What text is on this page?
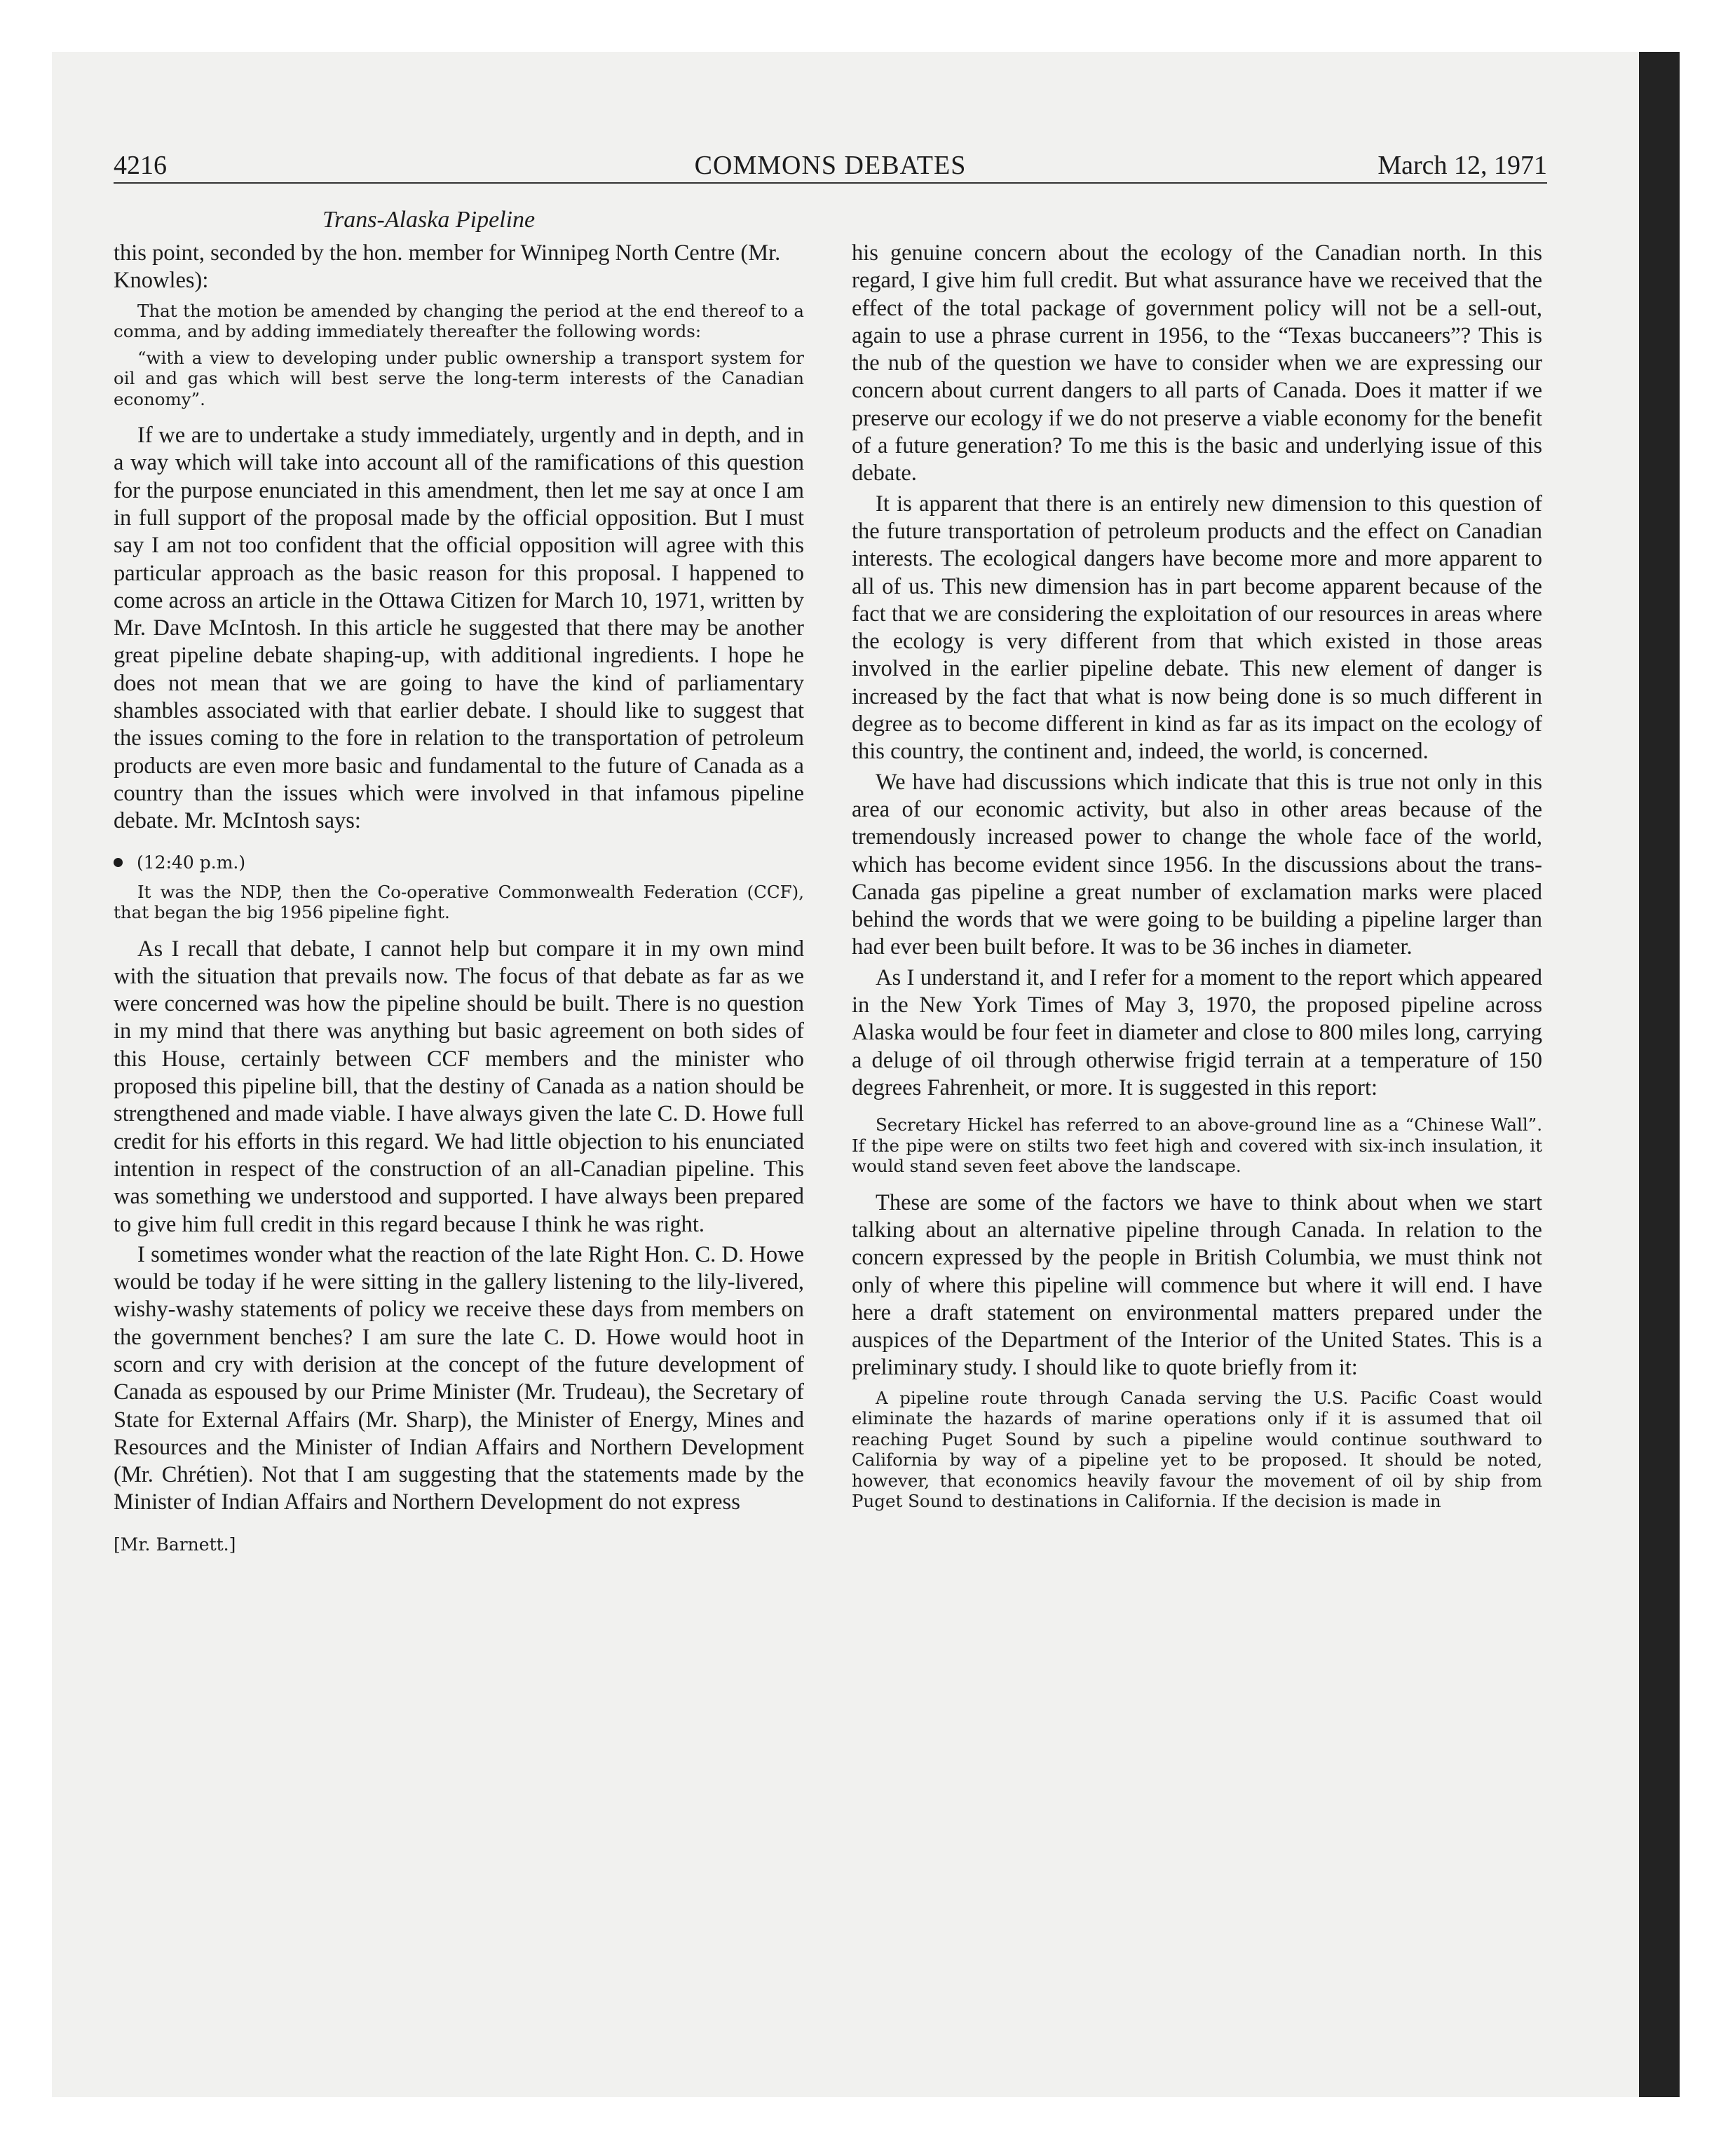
4216	COMMONS DEBATES	March 12, 1971
Trans-Alaska Pipeline

this point, seconded by the hon. member for Winnipeg North Centre (Mr. Knowles):

That the motion be amended by changing the period at the end thereof to a comma, and by adding immediately thereafter the following words:

“with a view to developing under public ownership a transport system for oil and gas which will best serve the long-term interests of the Canadian economy”.

If we are to undertake a study immediately, urgently and in depth, and in a way which will take into account all of the ramifications of this question for the purpose enunciated in this amendment, then let me say at once I am in full support of the proposal made by the official opposition. But I must say I am not too confident that the official opposition will agree with this particular approach as the basic reason for this proposal. I happened to come across an article in the Ottawa Citizen for March 10, 1971, written by Mr. Dave McIntosh. In this article he suggested that there may be another great pipeline debate shaping-up, with additional ingredients. I hope he does not mean that we are going to have the kind of parliamentary shambles associated with that earlier debate. I should like to suggest that the issues coming to the fore in relation to the transportation of petroleum products are even more basic and fundamental to the future of Canada as a country than the issues which were involved in that infamous pipeline debate. Mr. McIntosh says:

(12:40 p.m.)

It was the NDP, then the Co-operative Commonwealth Federation (CCF), that began the big 1956 pipeline fight.

As I recall that debate, I cannot help but compare it in my own mind with the situation that prevails now. The focus of that debate as far as we were concerned was how the pipeline should be built. There is no question in my mind that there was anything but basic agreement on both sides of this House, certainly between CCF members and the minister who proposed this pipeline bill, that the destiny of Canada as a nation should be strengthened and made viable. I have always given the late C. D. Howe full credit for his efforts in this regard. We had little objection to his enunciated intention in respect of the construction of an all-Canadian pipeline. This was something we understood and supported. I have always been prepared to give him full credit in this regard because I think he was right.

I sometimes wonder what the reaction of the late Right Hon. C. D. Howe would be today if he were sitting in the gallery listening to the lily-livered, wishy-washy statements of policy we receive these days from members on the government benches? I am sure the late C. D. Howe would hoot in scorn and cry with derision at the concept of the future development of Canada as espoused by our Prime Minister (Mr. Trudeau), the Secretary of State for External Affairs (Mr. Sharp), the Minister of Energy, Mines and Resources and the Minister of Indian Affairs and Northern Development (Mr. Chrétien). Not that I am suggesting that the statements made by the Minister of Indian Affairs and Northern Development do not express

[Mr. Barnett.]

his genuine concern about the ecology of the Canadian north. In this regard, I give him full credit. But what assurance have we received that the effect of the total package of government policy will not be a sell-out, again to use a phrase current in 1956, to the “Texas buccaneers”? This is the nub of the question we have to consider when we are expressing our concern about current dangers to all parts of Canada. Does it matter if we preserve our ecology if we do not preserve a viable economy for the benefit of a future generation? To me this is the basic and underlying issue of this debate.

It is apparent that there is an entirely new dimension to this question of the future transportation of petroleum products and the effect on Canadian interests. The ecological dangers have become more and more apparent to all of us. This new dimension has in part become apparent because of the fact that we are considering the exploitation of our resources in areas where the ecology is very different from that which existed in those areas involved in the earlier pipeline debate. This new element of danger is increased by the fact that what is now being done is so much different in degree as to become different in kind as far as its impact on the ecology of this country, the continent and, indeed, the world, is concerned.

We have had discussions which indicate that this is true not only in this area of our economic activity, but also in other areas because of the tremendously increased power to change the whole face of the world, which has become evident since 1956. In the discussions about the trans-Canada gas pipeline a great number of exclamation marks were placed behind the words that we were going to be building a pipeline larger than had ever been built before. It was to be 36 inches in diameter.

As I understand it, and I refer for a moment to the report which appeared in the New York Times of May 3, 1970, the proposed pipeline across Alaska would be four feet in diameter and close to 800 miles long, carrying a deluge of oil through otherwise frigid terrain at a temperature of 150 degrees Fahrenheit, or more. It is suggested in this report:

Secretary Hickel has referred to an above-ground line as a “Chinese Wall”. If the pipe were on stilts two feet high and covered with six-inch insulation, it would stand seven feet above the landscape.

These are some of the factors we have to think about when we start talking about an alternative pipeline through Canada. In relation to the concern expressed by the people in British Columbia, we must think not only of where this pipeline will commence but where it will end. I have here a draft statement on environmental matters prepared under the auspices of the Department of the Interior of the United States. This is a preliminary study. I should like to quote briefly from it:

A pipeline route through Canada serving the U.S. Pacific Coast would eliminate the hazards of marine operations only if it is assumed that oil reaching Puget Sound by such a pipeline would continue southward to California by way of a pipeline yet to be proposed. It should be noted, however, that economics heavily favour the movement of oil by ship from Puget Sound to destinations in California. If the decision is made in
